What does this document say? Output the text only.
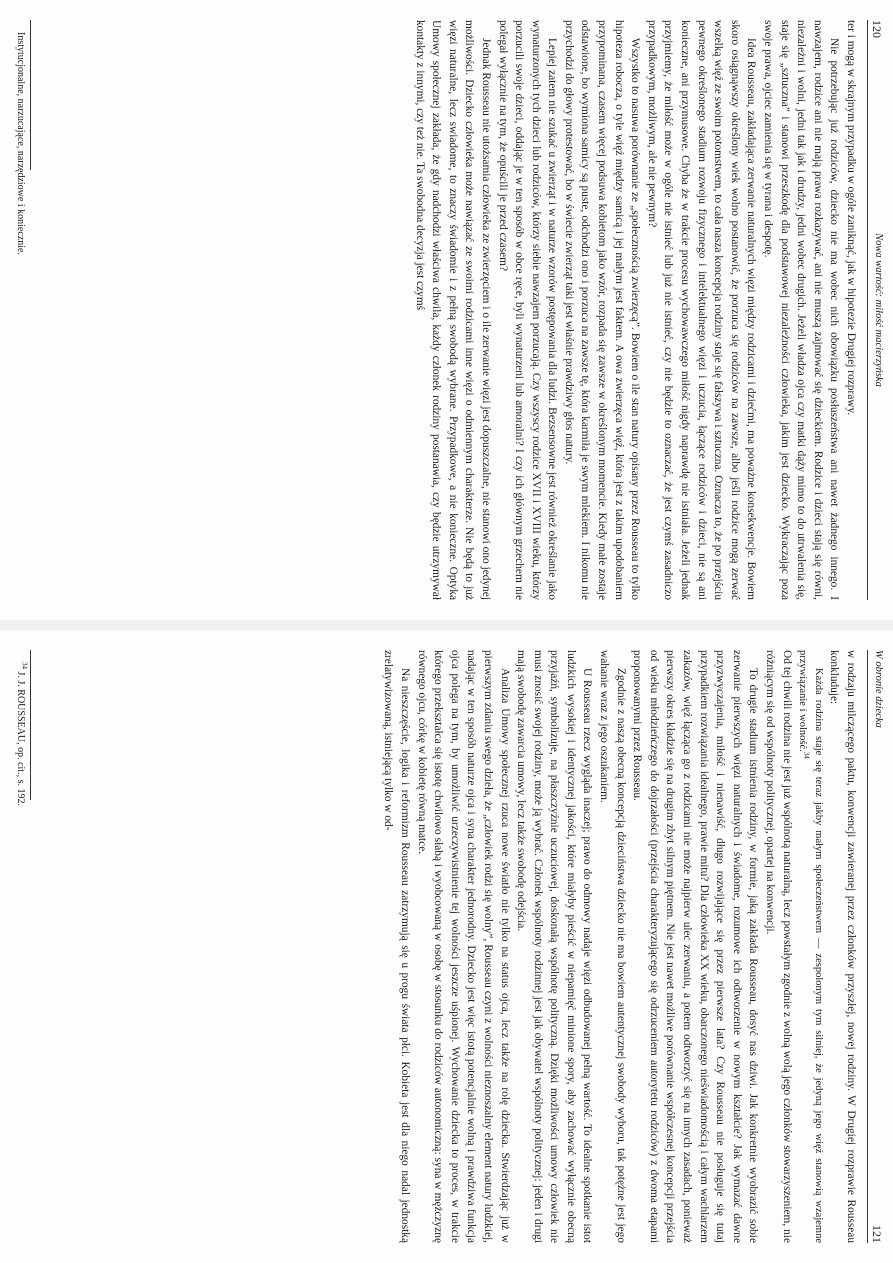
120
Nowa wartość: miłość macierzyńska

ter i mogą w skrajnym przypadku w ogóle zaniknąć, jak w hipotezie Drugiej rozprawy.

Nie potrzebując już rodziców, dziecko nie ma wobec nich obowiązku posłuszeństwa ani nawet żadnego innego. I nawzajem, rodzice ani nie mają prawa rozkazywać, ani nie muszą zajmować się dzieckiem. Rodzice i dzieci stają się równi, niezależni i wolni, jedni tak jak i drudzy, jedni wobec drugich. Jeżeli władza ojca czy matki dąży mimo to do utrwalenia się, staje się „sztuczna” i stanowi przeszkodę dla podstawowej niezależności człowieka, jakim jest dziecko. Wykraczając poza swoje prawa, ojciec zamienia się w tyrana i despotę.

Idea Rousseau, zakładająca zerwanie naturalnych więzi między rodzicami i dziećmi, ma poważne konsekwencje. Bowiem skoro osiągnąwszy określony wiek wolno postanowić, że porzuca się rodziców na zawsze, albo jeśli rodzice mogą zerwać wszelką więź ze swoim potomstwem, to cała nasza koncepcja rodziny staje się fałszywa i sztuczna. Oznacza to, że po przejściu pewnego określonego stadium rozwoju fizycznego i intelektualnego więzi i uczucia, łączące rodziców i dzieci, nie są ani konieczne, ani przymusowe. Chyba że w trakcie procesu wychowawczego miłość nigdy naprawdę nie istniała. Jeżeli jednak przyjmiemy, że miłość może w ogóle nie istnieć lub już nie istnieć, czy nie będzie to oznaczać, że jest czymś zasadniczo przypadkowym, możliwym, ale nie pewnym?

Wszystko to nasuwa porównanie ze „społecznością zwierzęcą”. Bowiem o ile stan natury opisany przez Rousseau to tylko hipoteza robocza, o tyle więź między samicą i jej małym jest faktem. A owa zwierzęca więź, która jest z takim upodobaniem przypominana, czasem więcej podsuwa kobietom jako wzór, rozpada się zawsze w określonym momencie. Kiedy małe zostaje odstawione, bo wymiona samicy są puste, odchodzi ono i porzuca na zawsze tę, która karmiła je swym mlekiem. I nikomu nie przychodzi do głowy protestować, bo w świecie zwierząt taki jest właśnie prawdziwy głos natury.

Lepiej zatem nie szukać u zwierząt i w naturze wzorów postępowania dla ludzi. Bezsensowne jest również określanie jako wynaturzonych tych dzieci lub rodziców, którzy siebie nawzajem porzucają. Czy wszyscy rodzice XVII i XVIII wieku, którzy porzucili swoje dzieci, oddając je w ten sposób w obce ręce, byli wynaturzeni lub amoralni? I czy ich głównym grzechem nie polegał wyłącznie na tym, że opuścili je przed czasem?

Jednak Rousseau nie utożsamia człowieka ze zwierzęciem i o ile zerwanie więzi jest dopuszczalne, nie stanowi ono jedynej możliwości. Dziecko człowieka może nawiązać ze swoimi rodzicami inne więzi o odmiennym charakterze. Nie będą to już więzi naturalne, lecz swiadome, to znaczy świadomie i z pełną swobodą wybrane. Przypadkowe, a nie konieczne. Optyka Umowy społecznej zakłada, że gdy nadchodzi właściwa chwila, każdy członek rodziny postanawia, czy będzie utrzymywał kontakty z innymi, czy też nie. Ta swobodna decyzja jest czymś

Instytucjonalne, narzucające, narzędziowe i koniecznie.

W obronie dziecka
121

w rodzaju milczącego paktu, konwencji zawieranej przez członków przyszłej, nowej rodziny. W Drugiej rozprawie Rousseau konkluduje:

Każda rodzina staje się teraz jakby małym społeczeństwem — zespolonym tym silniej, że jedyną jego więź stanowią wzajemne przywiązanie i wolność.$^{34}$

Od tej chwili rodzina nie jest już wspólnotą naturalną, lecz powstałym zgodnie z wolną wolą jego członków stowarzyszeniem, nie różniącym się od wspólnoty politycznej, opartej na konwencji.

To drugie stadium istnienia rodziny, w formie, jaką zakłada Rousseau, dosyć nas dziwi. Jak konkretnie wyobrazić sobie zerwanie pierwszych więzi naturalnych i świadome, rozumowe ich odtworzenie w nowym kształcie? Jak wymazać dawne przyzwyczajenia, miłość i nienawiść, długo rozwijające się przez pierwsze lata? Czy Rousseau nie posługuje się tutaj przypadkiem rozwiązania idealnego, prawie mitu? Dla człowieka XX wieku, obarczonego nieświadomością i całym wachlarzem zakazów, więź łącząca go z rodzicami nie może najpierw ulec zerwaniu, a potem odtworzyć się na innych zasadach, ponieważ pierwszy okres kładzie się na drugim zbyt silnym piętnem. Nie jest nawet możliwe porównanie współczesnej koncepcji przejścia od wieku młodzieńczego do dojrzałości (przejścia charakteryzującego się odrzuceniem autorytetu rodziców) z dwoma etapami proponowanymi przez Rousseau.

Zgodnie z naszą obecną koncepcją dzieciństwa dziecko nie ma bowiem autentycznej swobody wyboru, tak potężne jest jego wahanie wraz z jego oszukaniem.

U Rousseau rzecz wygląda inaczej; prawo do odmowy nadaje więzi odbudowanej pełną wartość. To idealne spotkanie istot ludzkich wysokiej i identycznej jakości, które miałyby pieścić w niepamięć minione spory, aby zachować wyłącznie obecną przyjaźń, symbolizuje, na płaszczyźnie uczuciowej, doskonałą wspólnotę polityczną. Dzięki możliwości umowy człowiek nie musi znosić swojej rodziny, może ją wybrać. Członek wspólnoty rodzinnej jest jak obywatel wspólnoty politycznej: jeden i drugi mają swobodę zawarcia umowy, lecz także swobodę odejścia.

Analiza Umowy społecznej rzuca nowe światło nie tylko na status ojca, lecz także na rolę dziecka. Stwierdzając już w pierwszym zdaniu swego dzieła, że „człowiek rodzi się wolny”, Rousseau czyni z wolności nieznoszalny element natury ludzkiej, nadając w ten sposób naturze ojca i syna charakter jednorodny. Dziecko jest więc istotą potencjalnie wolną i prawdziwa funkcja ojca polega na tym, by umożliwić urzeczywistnienie tej wolności jeszcze uśpionej. Wychowanie dziecka to proces, w trakcie którego przekształca się istotę chwilowo słabą i wyobcowaną w osobę w stosunku do rodziców autonomiczną: syna w mężczyznę równego ojcu, córkę w kobietę równą matce.

Na nieszczęście, logika i reformizm Rousseau zatrzymują się u progu świata płci. Kobieta jest dla niego nadal jednostką zrelatywizowaną, istniejącą tylko w od-

$^{34}$ J. J. ROUSSEAU, op. cit., s. 192.
